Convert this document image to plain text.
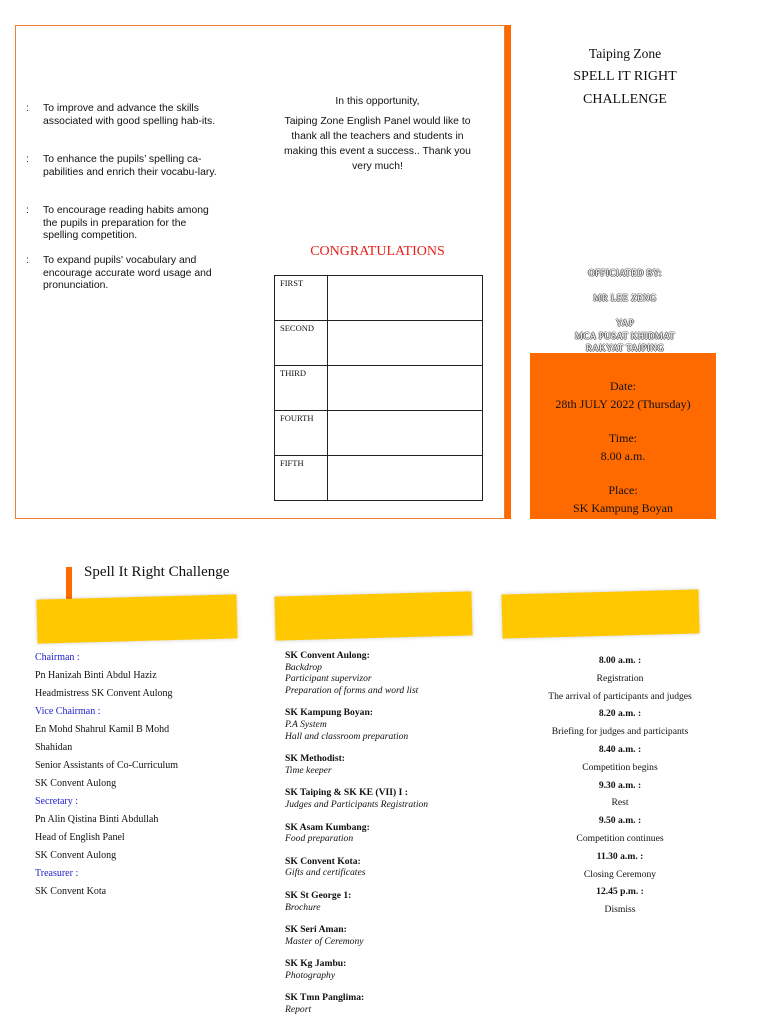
: To improve and advance the skills associated with good spelling hab-its.
: To enhance the pupils’ spelling ca-pabilities and enrich their vocabu-lary.
: To encourage reading habits among the pupils in preparation for the spelling competition.
: To expand pupils' vocabulary and encourage accurate word usage and pronunciation.
In this opportunity,
Taiping Zone English Panel would like to thank all the teachers and students in making this event a success.. Thank you very much!
CONGRATULATIONS
FIRST	
SECOND	
THIRD	
FOURTH	
FIFTH	
Taiping Zone
SPELL IT RIGHT
CHALLENGE
OFFICIATED BY:
MR LEE ZENG
YAP
MCA PUSAT KHIDMAT
RAKYAT TAIPING
Date:
28th JULY 2022 (Thursday)
Time:
8.00 a.m.
Place:
SK Kampung Boyan
Spell It Right Challenge
Chairman :
Pn Hanizah Binti Abdul Haziz
Headmistress SK Convent Aulong
Vice Chairman :
En Mohd Shahrul Kamil B Mohd
Shahidan
Senior Assistants of Co-Curriculum
SK Convent Aulong
Secretary :
Pn Alin Qistina Binti Abdullah
Head of English Panel
SK Convent Aulong
Treasurer :
SK Convent Kota
SK Convent Aulong:
Backdrop
Participant supervizor
Preparation of forms and word list
SK Kampung Boyan:
P.A System
Hall and classroom preparation
SK Methodist:
Time keeper
SK Taiping & SK KE (VII) I :
Judges and Participants Registration
SK Asam Kumbang:
Food preparation
SK Convent Kota:
Gifts and certificates
SK St George 1:
Brochure
SK Seri Aman:
Master of Ceremony
SK Kg Jambu:
Photography
SK Tmn Panglima:
Report
8.00 a.m. :
Registration
The arrival of participants and judges
8.20 a.m. :
Briefing for judges and participants
8.40 a.m. :
Competition begins
9.30 a.m. :
Rest
9.50 a.m. :
Competition continues
11.30 a.m. :
Closing Ceremony
12.45 p.m. :
Dismiss
